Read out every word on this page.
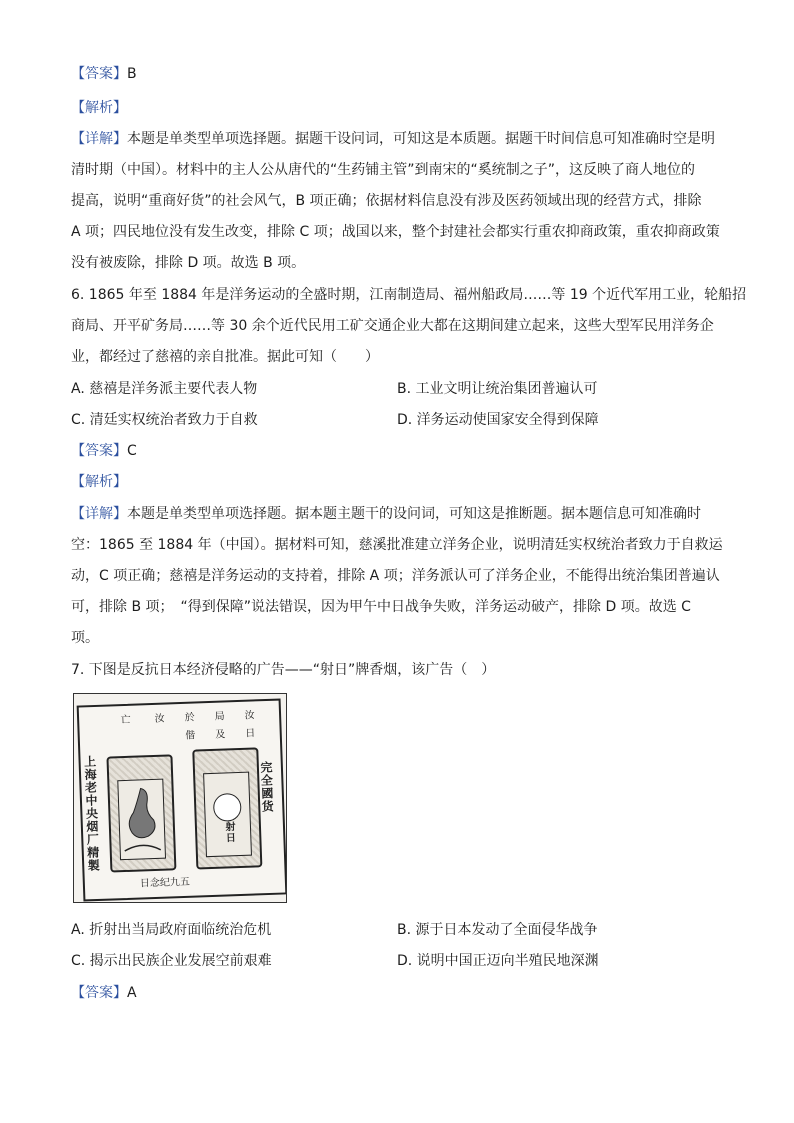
【答案】B
【解析】
【详解】本题是单类型单项选择题。据题干设问词，可知这是本质题。据题干时间信息可知准确时空是明
清时期（中国）。材料中的主人公从唐代的“生药铺主管”到南宋的“奚统制之子”，这反映了商人地位的
提高，说明“重商好货”的社会风气，B 项正确；依据材料信息没有涉及医药领域出现的经营方式，排除
A 项；四民地位没有发生改变，排除 C 项；战国以来，整个封建社会都实行重农抑商政策，重农抑商政策
没有被废除，排除 D 项。故选 B 项。
6. 1865 年至 1884 年是洋务运动的全盛时期，江南制造局、福州船政局……等 19 个近代军用工业，轮船招
商局、开平矿务局……等 30 余个近代民用工矿交通企业大都在这期间建立起来，这些大型军民用洋务企
业，都经过了慈禧的亲自批准。据此可知（　　）
A. 慈禧是洋务派主要代表人物	B. 工业文明让统治集团普遍认可
C. 清廷实权统治者致力于自救	D. 洋务运动使国家安全得到保障
【答案】C
【解析】
【详解】本题是单类型单项选择题。据本题主题干的设问词，可知这是推断题。据本题信息可知准确时
空：1865 至 1884 年（中国）。据材料可知，慈溪批准建立洋务企业，说明清廷实权统治者致力于自救运
动，C 项正确；慈禧是洋务运动的支持着，排除 A 项；洋务派认可了洋务企业，不能得出统治集团普遍认
可，排除 B 项；　“得到保障”说法错误，因为甲午中日战争失败，洋务运动破产，排除 D 项。故选 C
项。
7. 下图是反抗日本经济侵略的广告——“射日”牌香烟，该广告（　）
亡 汝 於 局 汝
偕 及 日
上海老中央烟厂精製	射日
完全國货
日念纪九五
A. 折射出当局政府面临统治危机	B. 源于日本发动了全面侵华战争
C. 揭示出民族企业发展空前艰难	D. 说明中国正迈向半殖民地深渊
【答案】A
